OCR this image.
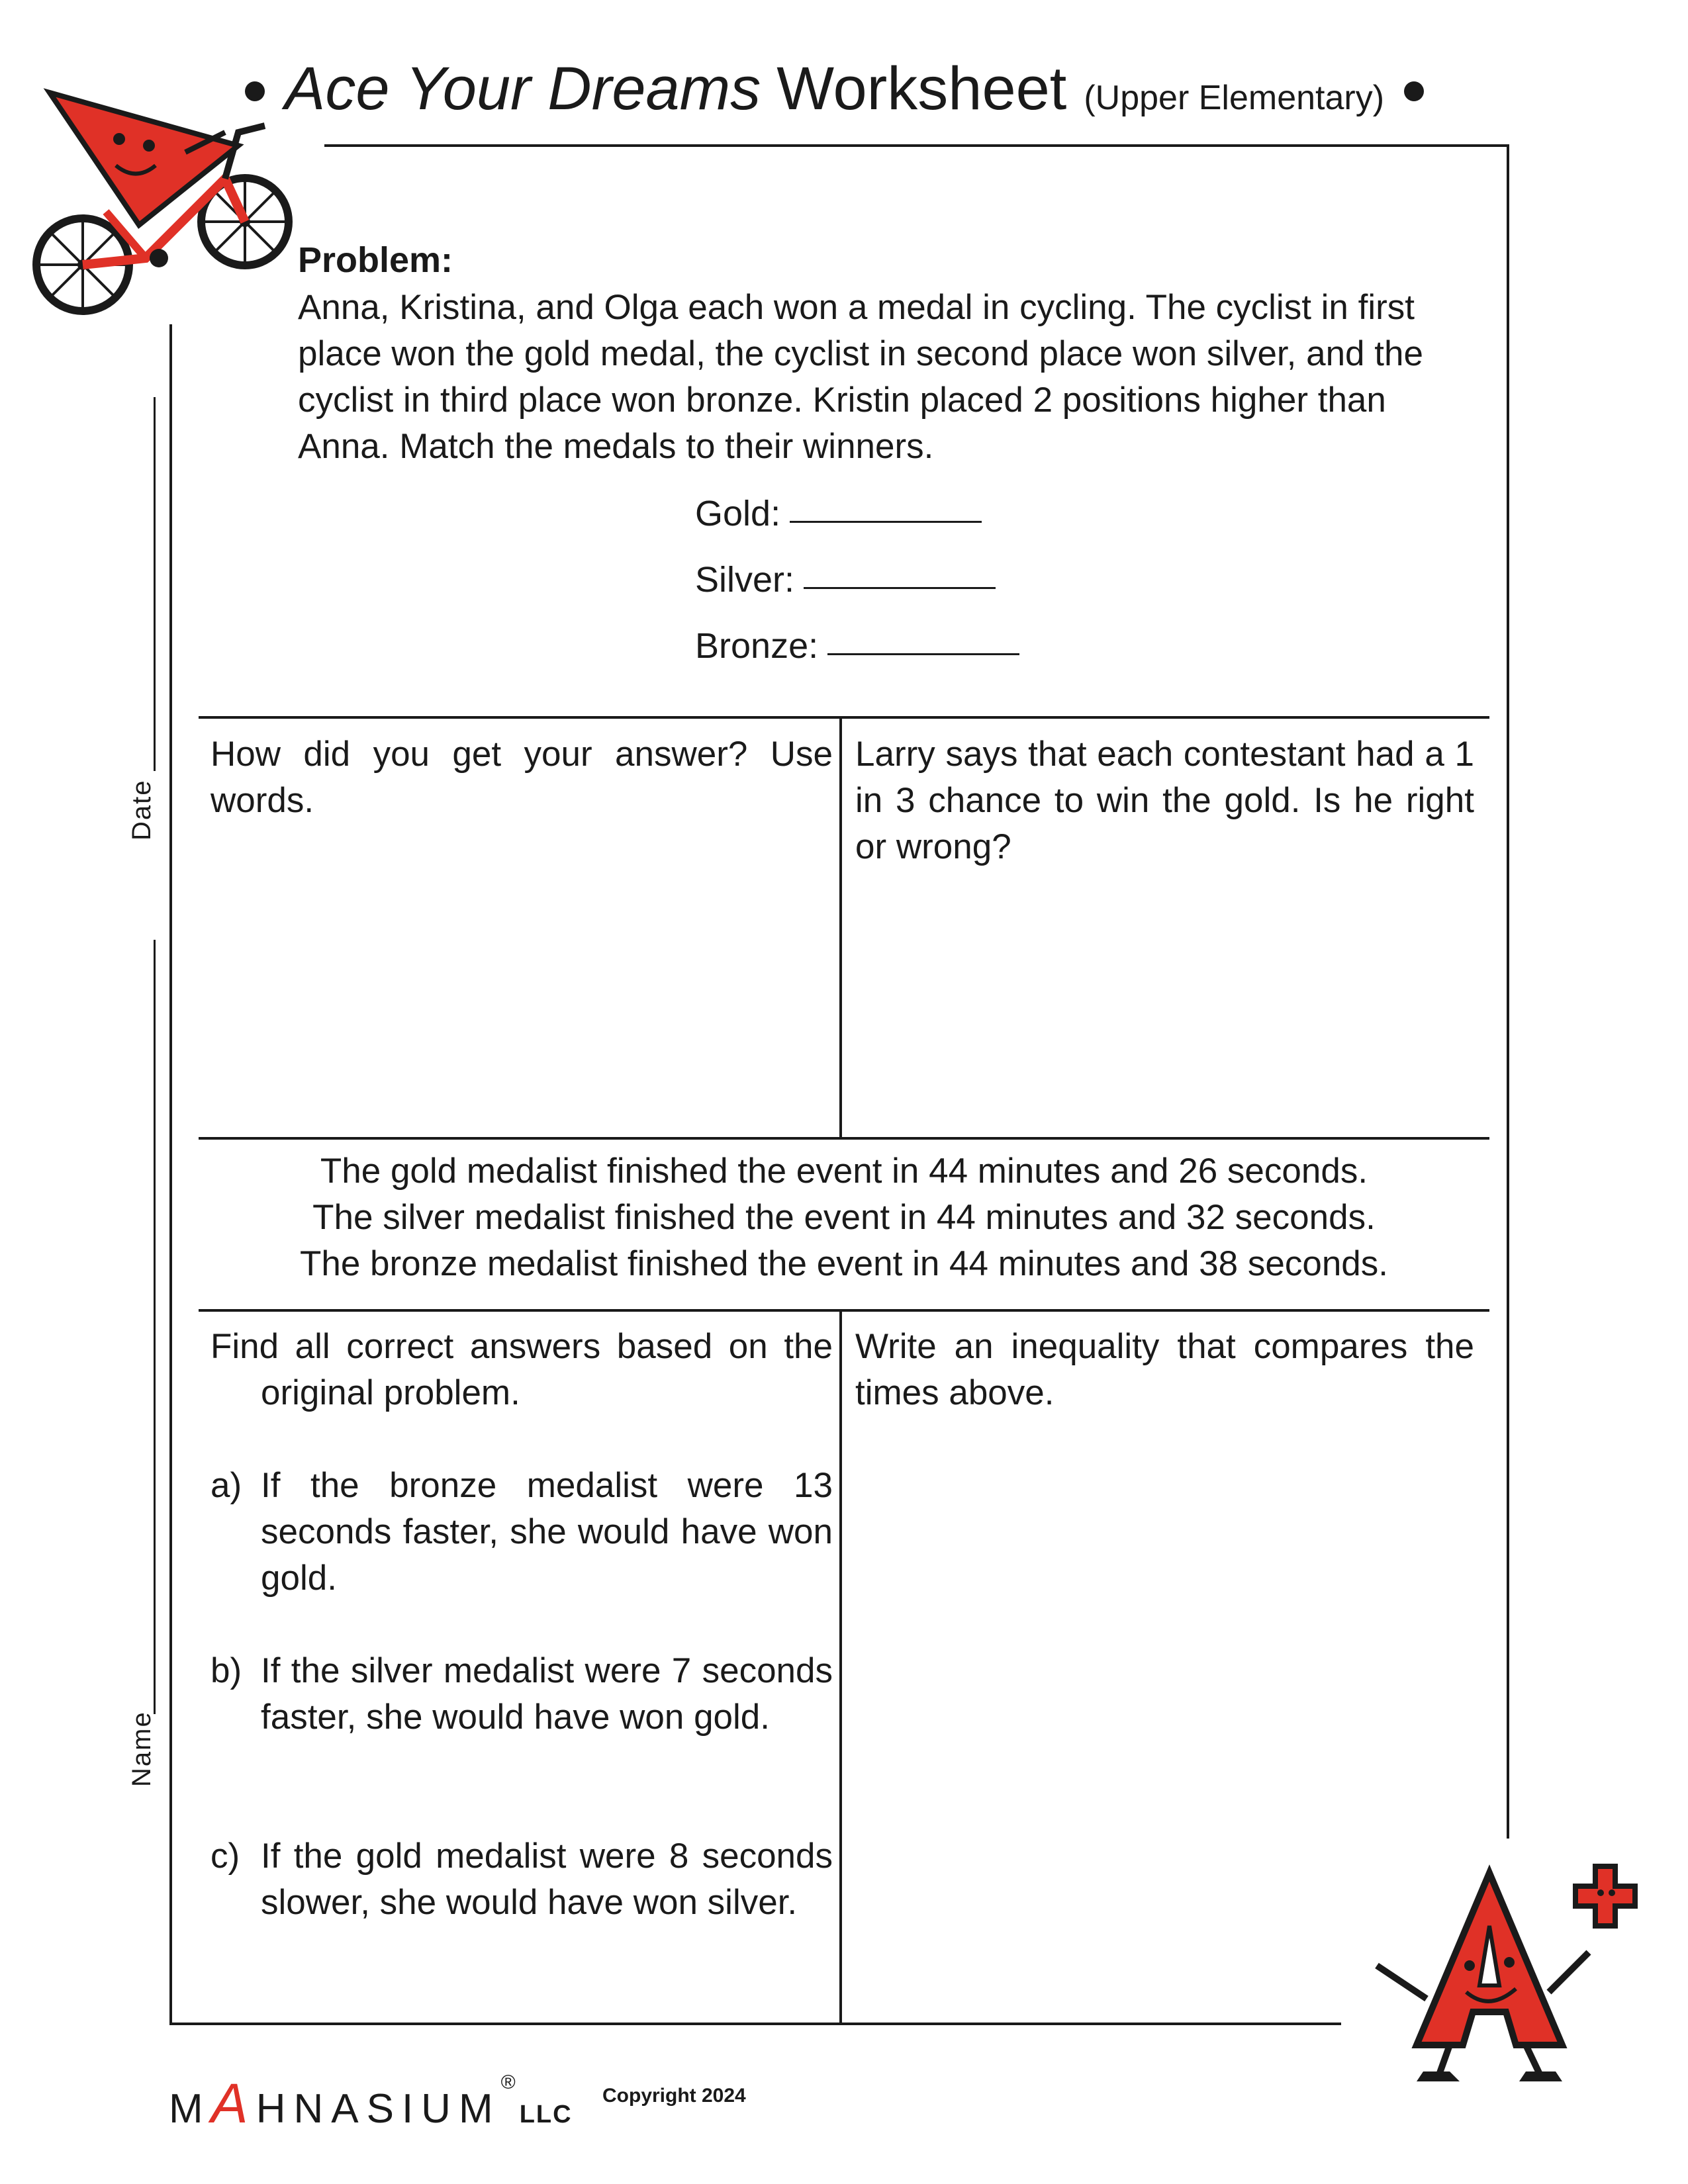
Ace Your Dreams Worksheet (Upper Elementary)
Date
Name
Problem:
Anna, Kristina, and Olga each won a medal in cycling. The cyclist in first place won the gold medal, the cyclist in second place won silver, and the cyclist in third place won bronze. Kristin placed 2 positions higher than Anna. Match the medals to their winners.
Gold:
Silver:
Bronze:
How did you get your answer? Use words.
Larry says that each contestant had a 1 in 3 chance to win the gold. Is he right or wrong?
The gold medalist finished the event in 44 minutes and 26 seconds.
The silver medalist finished the event in 44 minutes and 32 seconds.
The bronze medalist finished the event in 44 minutes and 38 seconds.
Find all correct answers based on the original problem.
a) If the bronze medalist were 13 seconds faster, she would have won gold.
b) If the silver medalist were 7 seconds faster, she would have won gold.
c) If the gold medalist were 8 seconds slower, she would have won silver.
Write an inequality that compares the times above.
MAHNASIUM®LLC
Copyright 2024
